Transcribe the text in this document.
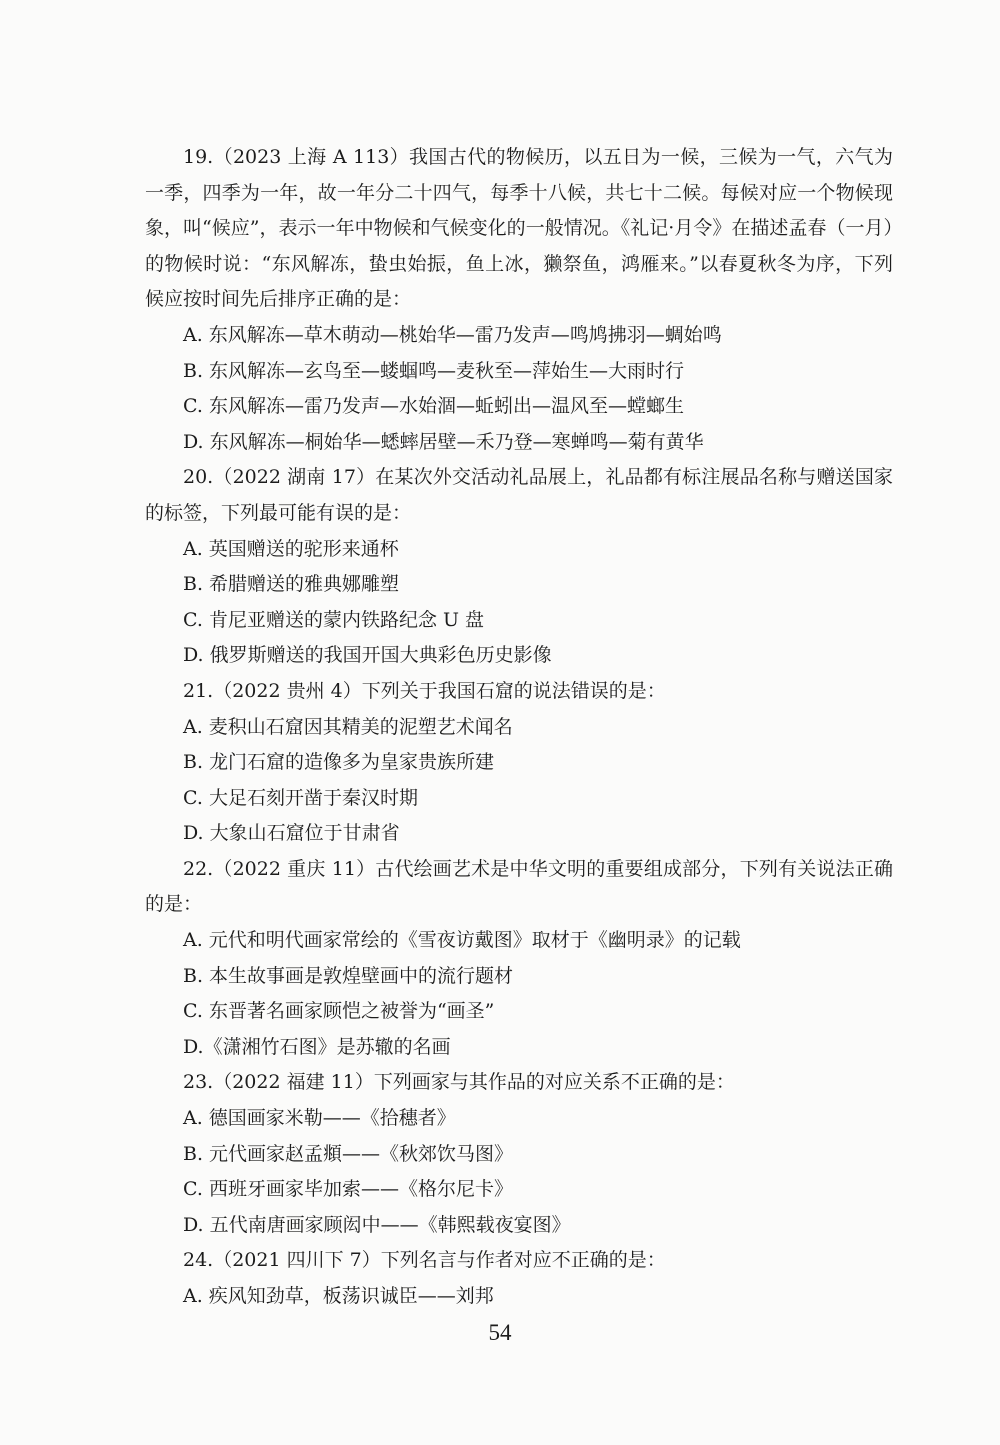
19.（2023 上海 A 113）我国古代的物候历，以五日为一候，三候为一气，六气为一季，四季为一年，故一年分二十四气，每季十八候，共七十二候。每候对应一个物候现象，叫“候应”，表示一年中物候和气候变化的一般情况。《礼记·月令》在描述孟春（一月）的物候时说：“东风解冻，蛰虫始振，鱼上冰，獭祭鱼，鸿雁来。”以春夏秋冬为序，下列候应按时间先后排序正确的是：

A. 东风解冻—草木萌动—桃始华—雷乃发声—鸣鸠拂羽—蜩始鸣

B. 东风解冻—玄鸟至—蝼蝈鸣—麦秋至—萍始生—大雨时行

C. 东风解冻—雷乃发声—水始涸—蚯蚓出—温风至—螳螂生

D. 东风解冻—桐始华—蟋蟀居壁—禾乃登—寒蝉鸣—菊有黄华

20.（2022 湖南 17）在某次外交活动礼品展上，礼品都有标注展品名称与赠送国家的标签，下列最可能有误的是：

A. 英国赠送的驼形来通杯

B. 希腊赠送的雅典娜雕塑

C. 肯尼亚赠送的蒙内铁路纪念 U 盘

D. 俄罗斯赠送的我国开国大典彩色历史影像

21.（2022 贵州 4）下列关于我国石窟的说法错误的是：

A. 麦积山石窟因其精美的泥塑艺术闻名

B. 龙门石窟的造像多为皇家贵族所建

C. 大足石刻开凿于秦汉时期

D. 大象山石窟位于甘肃省

22.（2022 重庆 11）古代绘画艺术是中华文明的重要组成部分，下列有关说法正确的是：

A. 元代和明代画家常绘的《雪夜访戴图》取材于《幽明录》的记载

B. 本生故事画是敦煌壁画中的流行题材

C. 东晋著名画家顾恺之被誉为“画圣”

D.《潇湘竹石图》是苏辙的名画

23.（2022 福建 11）下列画家与其作品的对应关系不正确的是：

A. 德国画家米勒——《拾穗者》

B. 元代画家赵孟頫——《秋郊饮马图》

C. 西班牙画家毕加索——《格尔尼卡》

D. 五代南唐画家顾闳中——《韩熙载夜宴图》

24.（2021 四川下 7）下列名言与作者对应不正确的是：

A. 疾风知劲草，板荡识诚臣——刘邦

54
